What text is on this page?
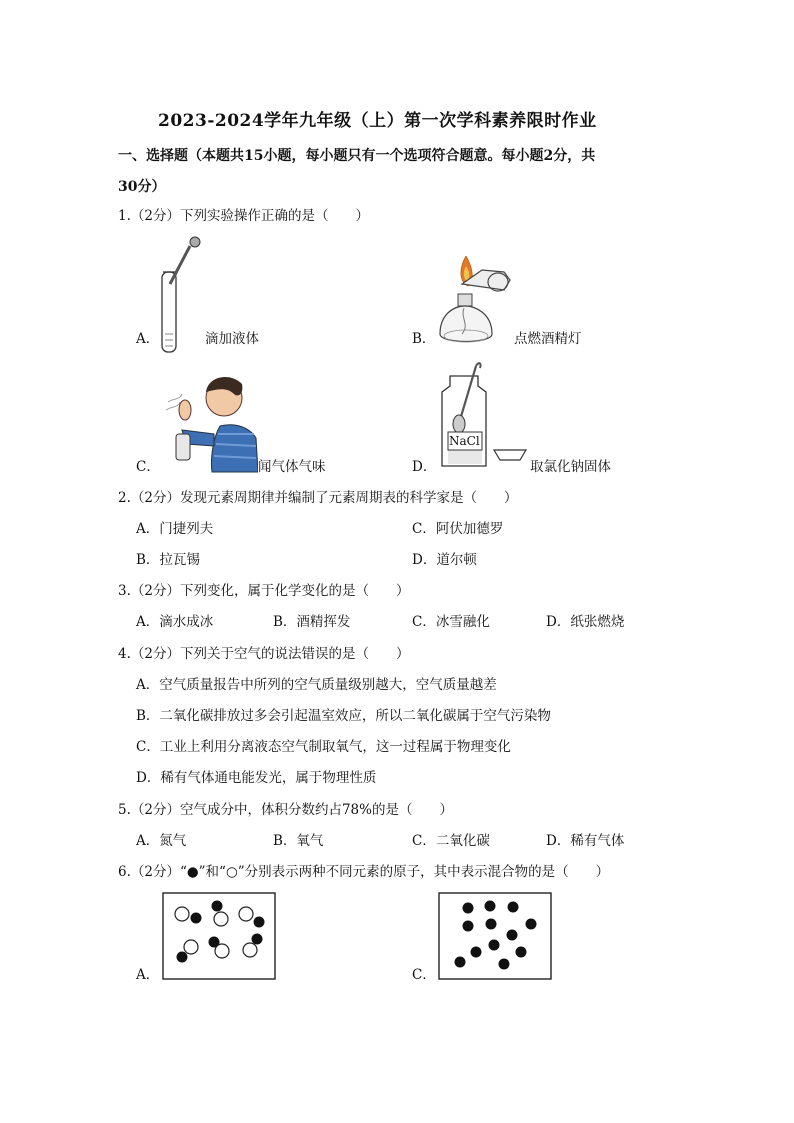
2023-2024学年九年级（上）第一次学科素养限时作业
一、选择题（本题共15小题，每小题只有一个选项符合题意。每小题2分，共
30分）
1.（2分）下列实验操作正确的是（　　）
A．	滴加液体	B．	点燃酒精灯
C．	闻气体气味
NaCl
D．	取氯化钠固体
2.（2分）发现元素周期律并编制了元素周期表的科学家是（　　）
A．门捷列夫	C．阿伏加德罗
B．拉瓦锡	D．道尔顿
3.（2分）下列变化，属于化学变化的是（　　）
A．滴水成冰	B．酒精挥发	C．冰雪融化	D．纸张燃烧
4.（2分）下列关于空气的说法错误的是（　　）
A．空气质量报告中所列的空气质量级别越大，空气质量越差
B．二氧化碳排放过多会引起温室效应，所以二氧化碳属于空气污染物
C．工业上利用分离液态空气制取氧气，这一过程属于物理变化
D．稀有气体通电能发光，属于物理性质
5.（2分）空气成分中，体积分数约占78%的是（　　）
A．氮气	B．氧气	C．二氧化碳	D．稀有气体
6.（2分）“●”和“○”分别表示两种不同元素的原子，其中表示混合物的是（　　）
A．	C．
